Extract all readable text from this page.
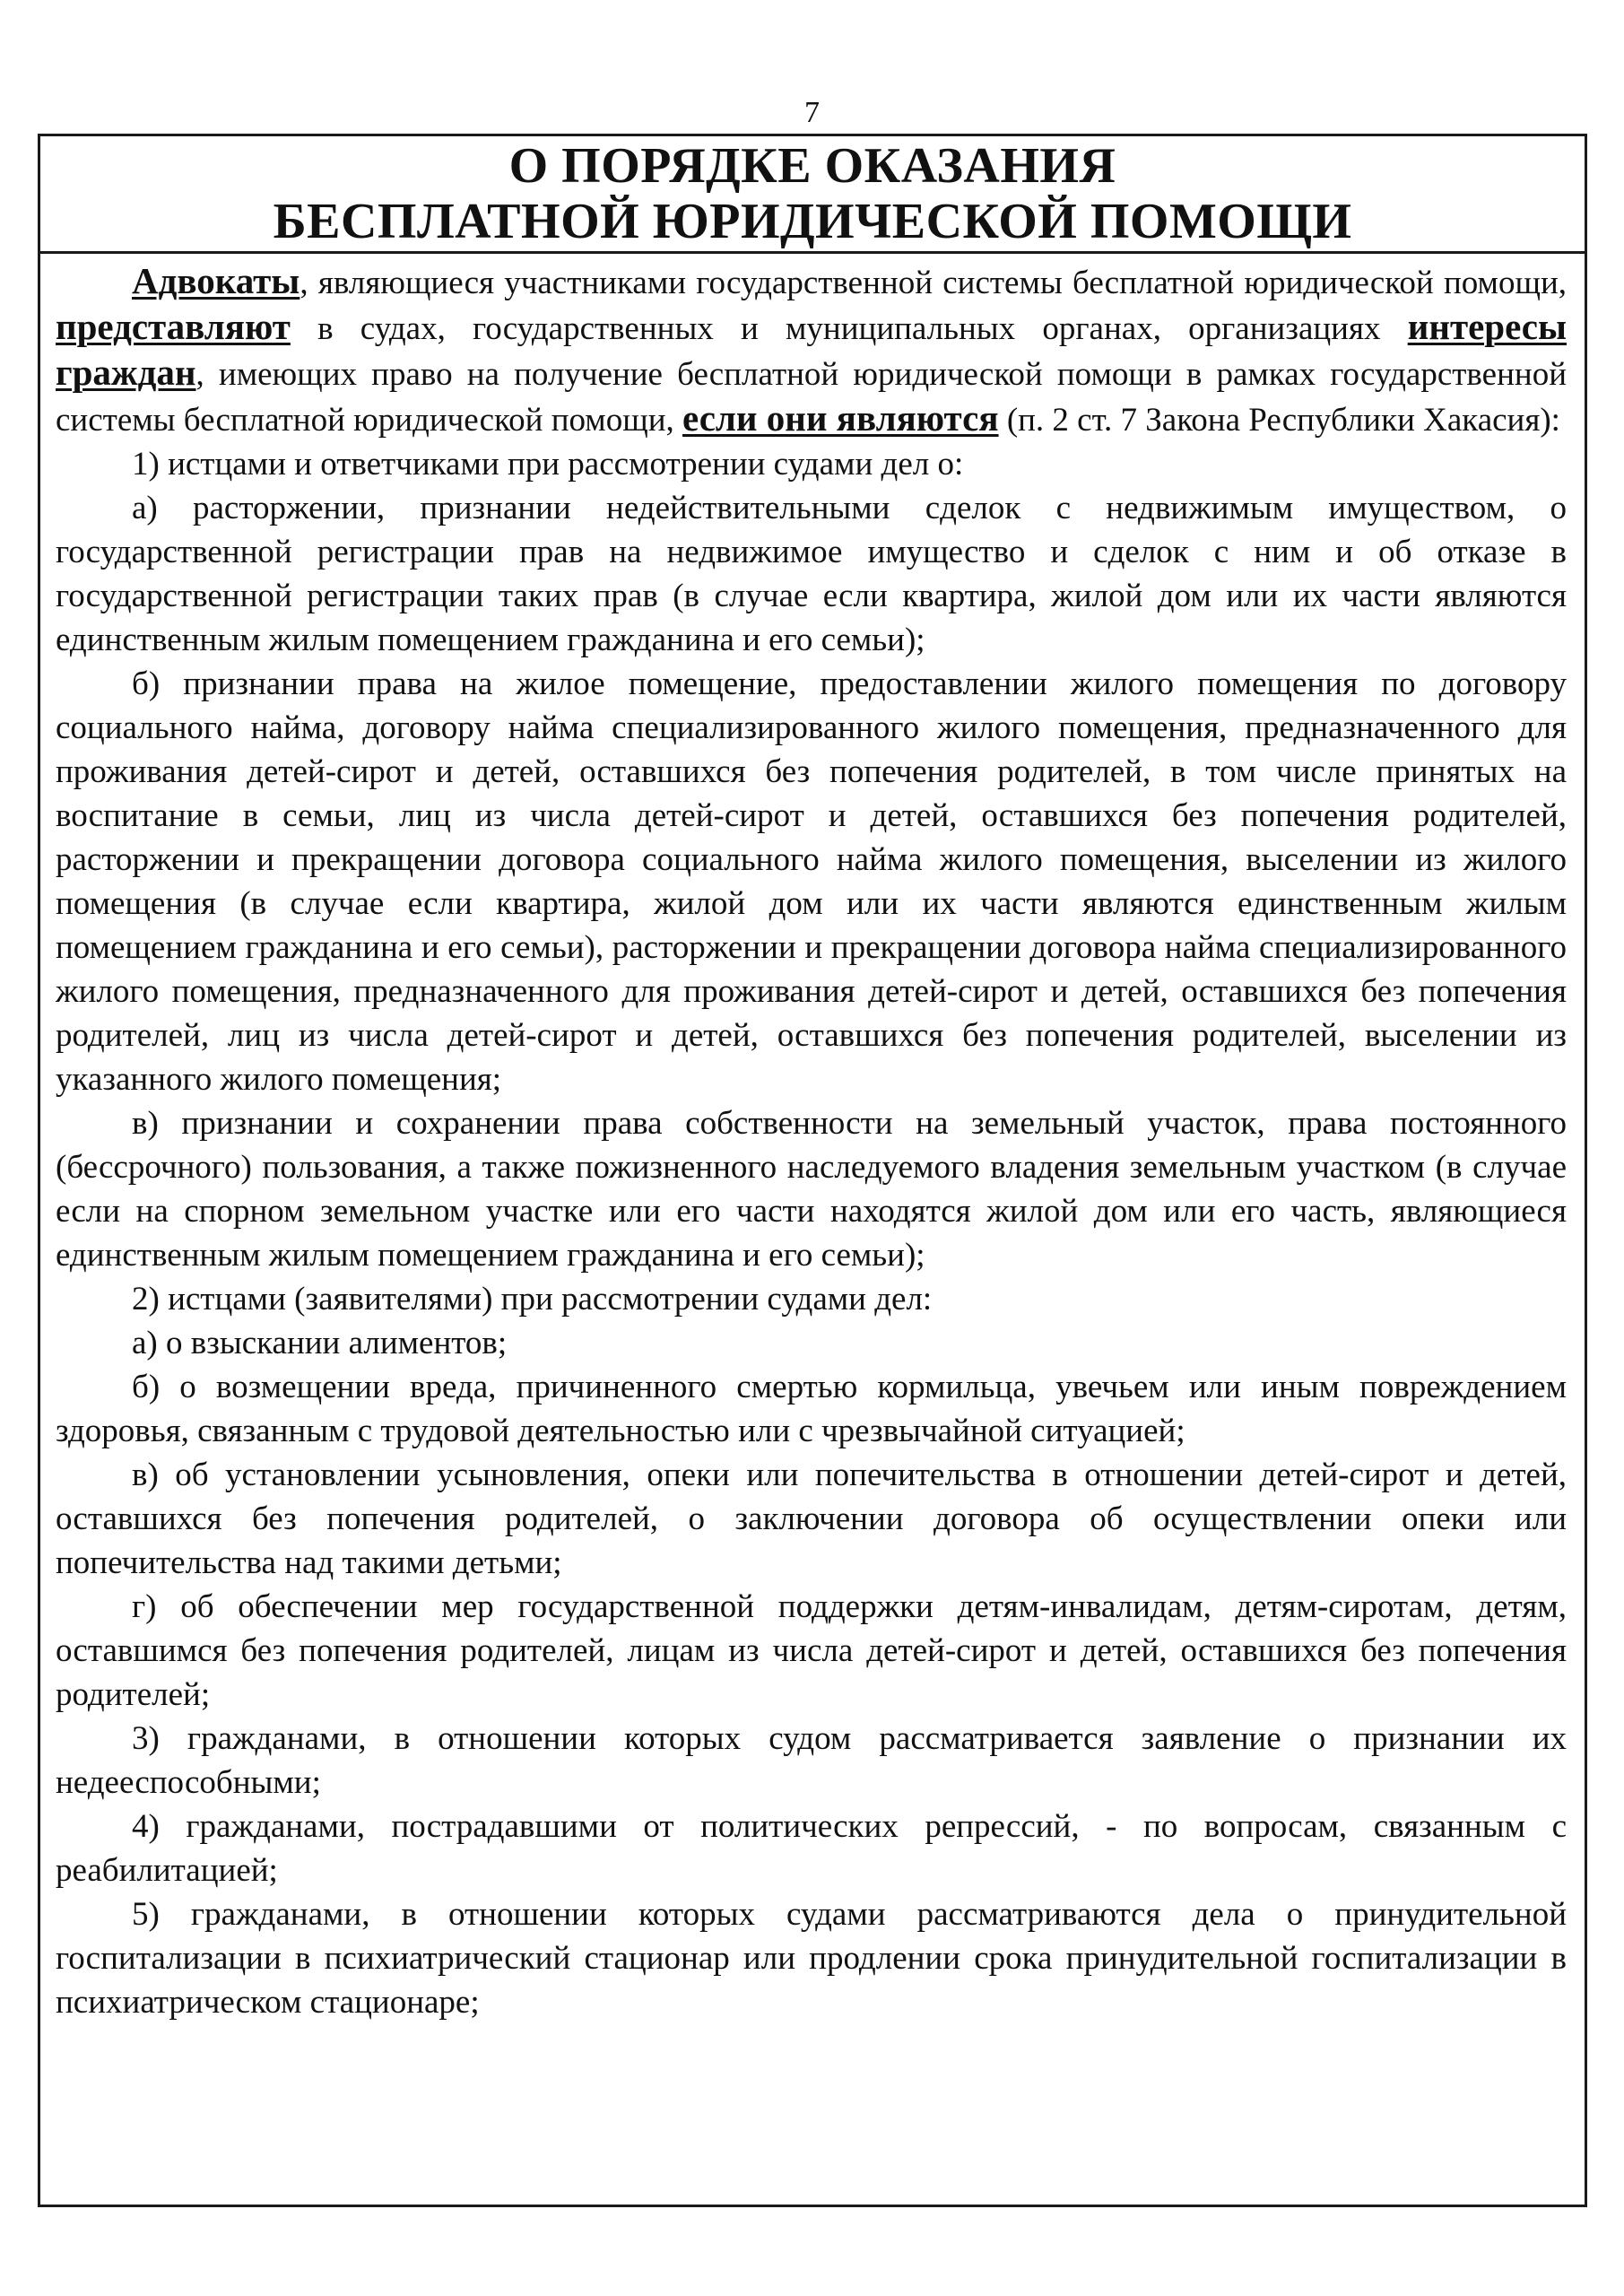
7
О ПОРЯДКЕ ОКАЗАНИЯ
БЕСПЛАТНОЙ ЮРИДИЧЕСКОЙ ПОМОЩИ

Адвокаты, являющиеся участниками государственной системы бесплатной юридической помощи, представляют в судах, государственных и муниципальных органах, организациях интересы граждан, имеющих право на получение бесплатной юридической помощи в рамках государственной системы бесплатной юридической помощи, если они являются (п. 2 ст. 7 Закона Республики Хакасия):

1) истцами и ответчиками при рассмотрении судами дел о:

а) расторжении, признании недействительными сделок с недвижимым имуществом, о государственной регистрации прав на недвижимое имущество и сделок с ним и об отказе в государственной регистрации таких прав (в случае если квартира, жилой дом или их части являются единственным жилым помещением гражданина и его семьи);

б) признании права на жилое помещение, предоставлении жилого помещения по договору социального найма, договору найма специализированного жилого помещения, предназначенного для проживания детей-сирот и детей, оставшихся без попечения родителей, в том числе принятых на воспитание в семьи, лиц из числа детей-сирот и детей, оставшихся без попечения родителей, расторжении и прекращении договора социального найма жилого помещения, выселении из жилого помещения (в случае если квартира, жилой дом или их части являются единственным жилым помещением гражданина и его семьи), расторжении и прекращении договора найма специализированного жилого помещения, предназначенного для проживания детей-сирот и детей, оставшихся без попечения родителей, лиц из числа детей-сирот и детей, оставшихся без попечения родителей, выселении из указанного жилого помещения;

в) признании и сохранении права собственности на земельный участок, права постоянного (бессрочного) пользования, а также пожизненного наследуемого владения земельным участком (в случае если на спорном земельном участке или его части находятся жилой дом или его часть, являющиеся единственным жилым помещением гражданина и его семьи);

2) истцами (заявителями) при рассмотрении судами дел:

а) о взыскании алиментов;

б) о возмещении вреда, причиненного смертью кормильца, увечьем или иным повреждением здоровья, связанным с трудовой деятельностью или с чрезвычайной ситуацией;

в) об установлении усыновления, опеки или попечительства в отношении детей-сирот и детей, оставшихся без попечения родителей, о заключении договора об осуществлении опеки или попечительства над такими детьми;

г) об обеспечении мер государственной поддержки детям-инвалидам, детям-сиротам, детям, оставшимся без попечения родителей, лицам из числа детей-сирот и детей, оставшихся без попечения родителей;

3) гражданами, в отношении которых судом рассматривается заявление о признании их недееспособными;

4) гражданами, пострадавшими от политических репрессий, - по вопросам, связанным с реабилитацией;

5) гражданами, в отношении которых судами рассматриваются дела о принудительной госпитализации в психиатрический стационар или продлении срока принудительной госпитализации в психиатрическом стационаре;
